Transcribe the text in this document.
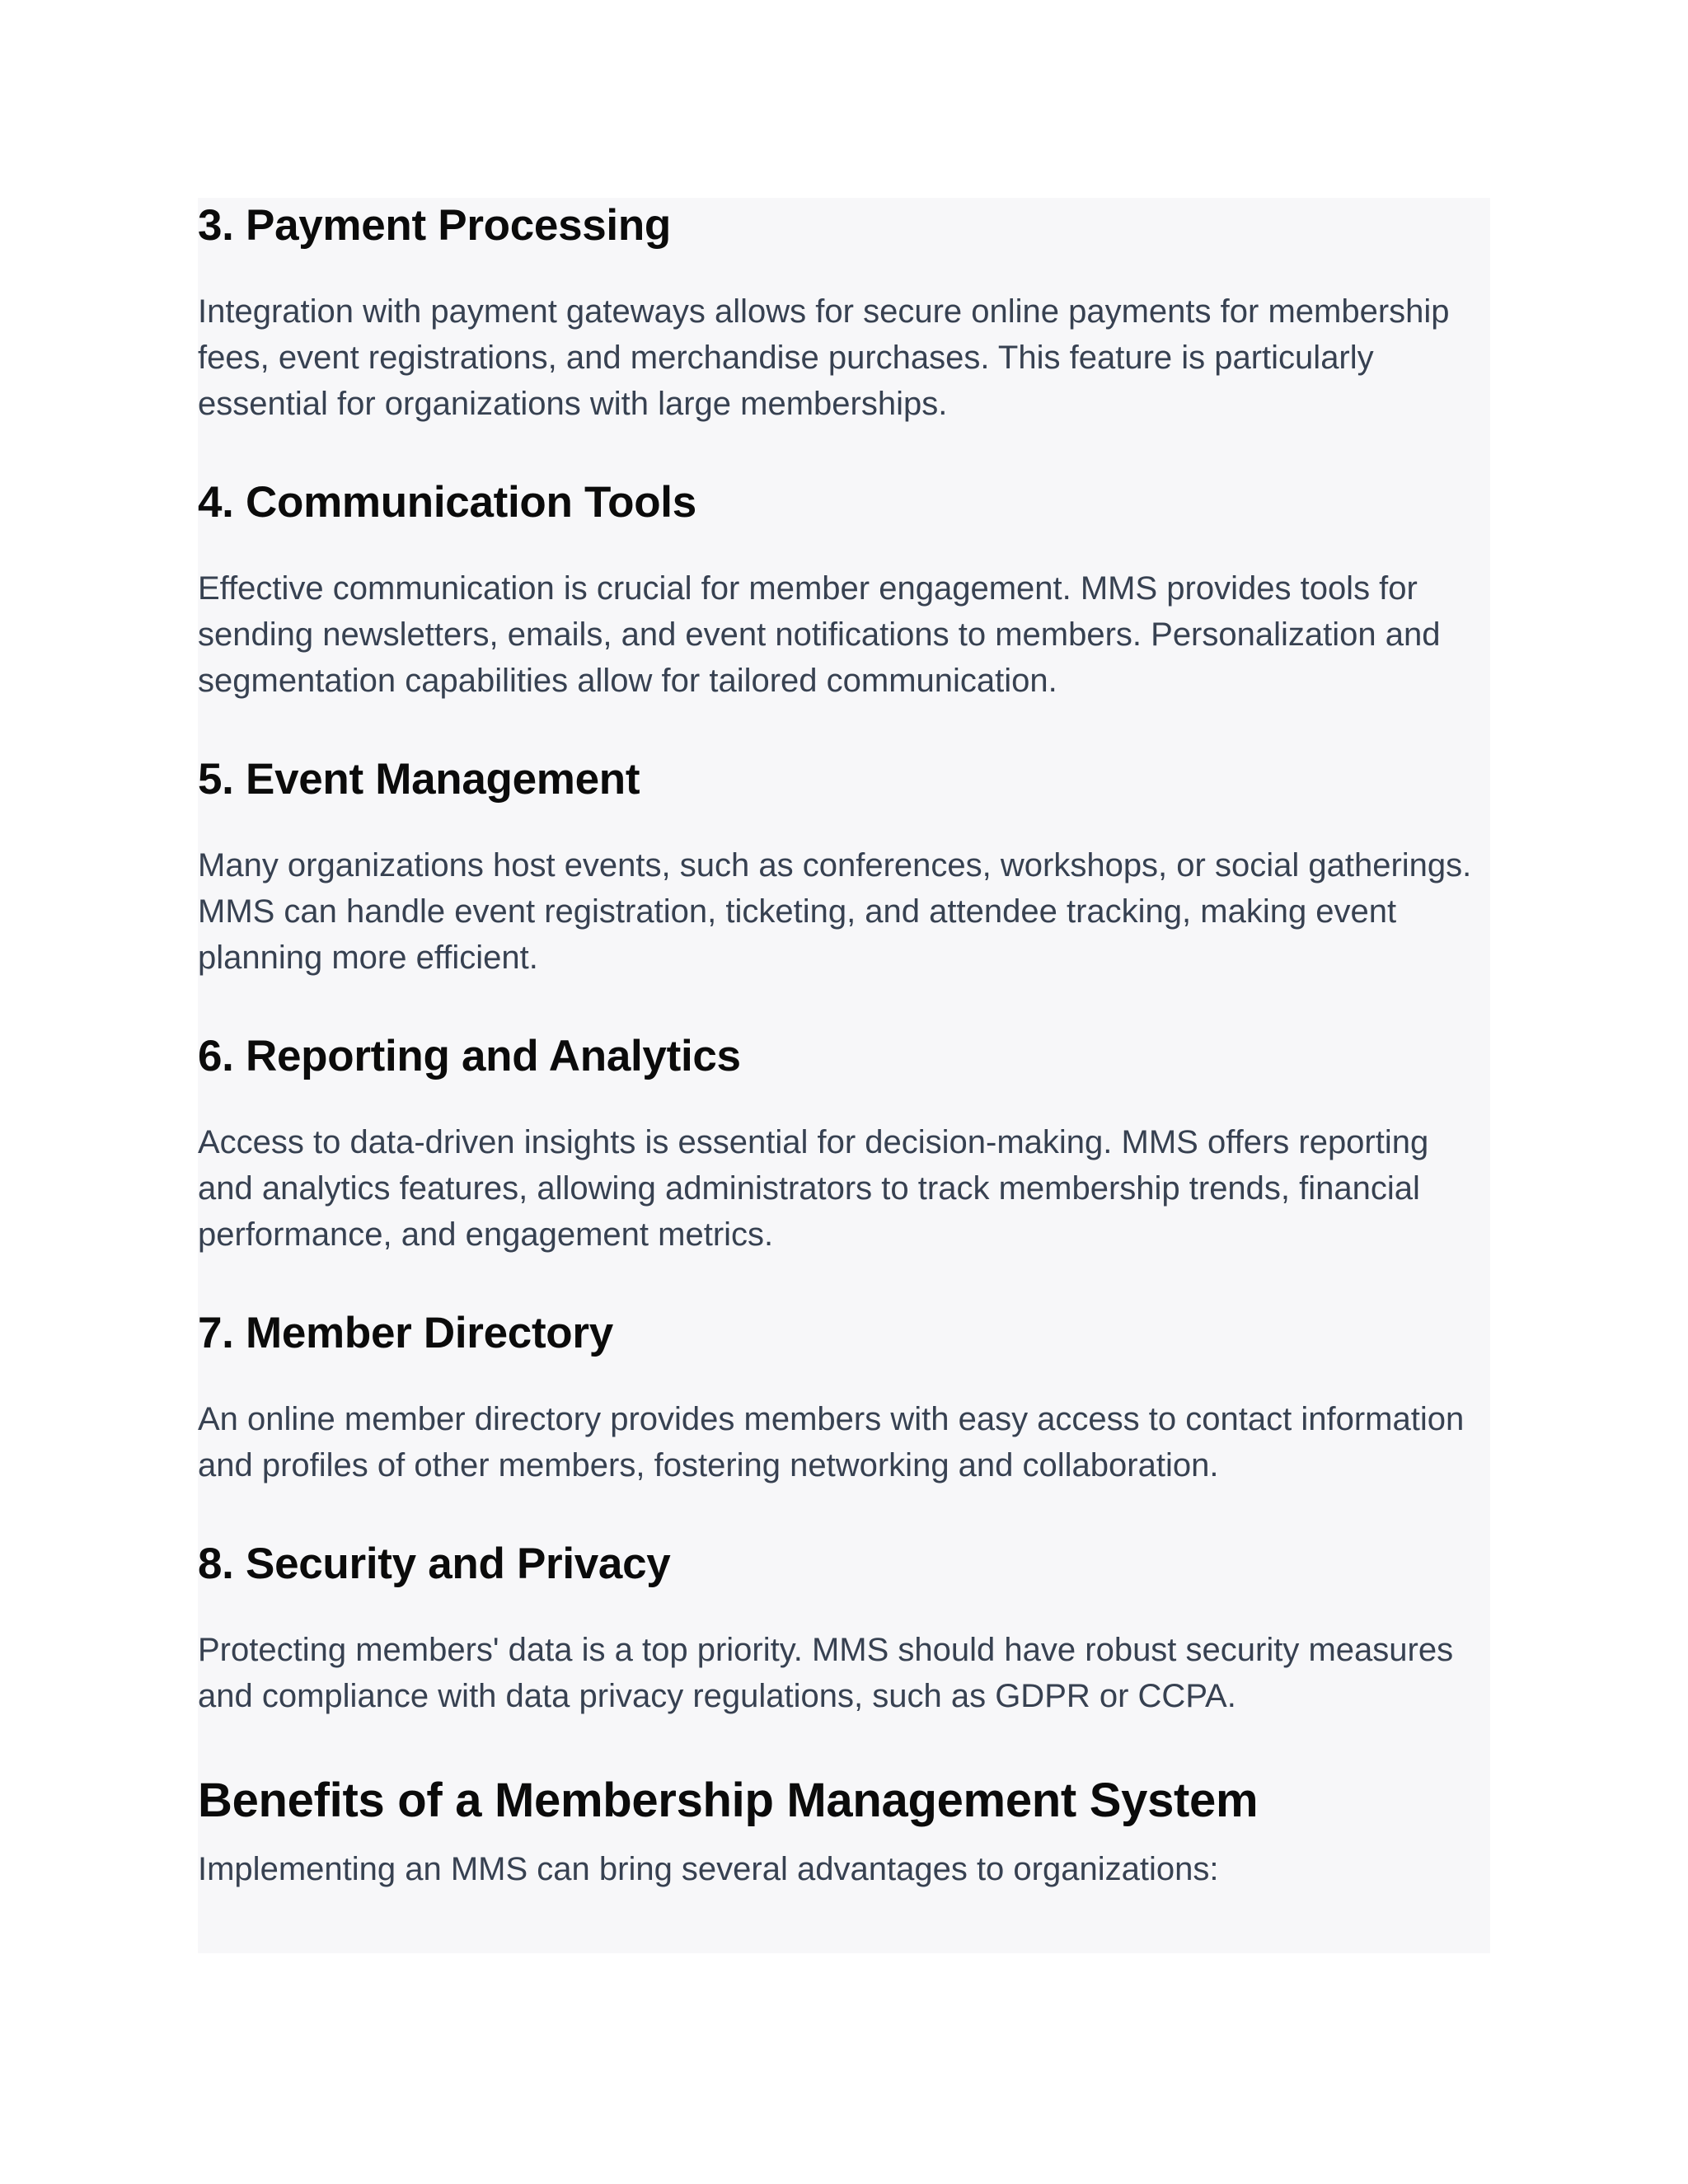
3. Payment Processing

Integration with payment gateways allows for secure online payments for membership
fees, event registrations, and merchandise purchases. This feature is particularly
essential for organizations with large memberships.

4. Communication Tools

Effective communication is crucial for member engagement. MMS provides tools for
sending newsletters, emails, and event notifications to members. Personalization and
segmentation capabilities allow for tailored communication.

5. Event Management

Many organizations host events, such as conferences, workshops, or social gatherings.
MMS can handle event registration, ticketing, and attendee tracking, making event
planning more efficient.

6. Reporting and Analytics

Access to data-driven insights is essential for decision-making. MMS offers reporting
and analytics features, allowing administrators to track membership trends, financial
performance, and engagement metrics.

7. Member Directory

An online member directory provides members with easy access to contact information
and profiles of other members, fostering networking and collaboration.

8. Security and Privacy

Protecting members' data is a top priority. MMS should have robust security measures
and compliance with data privacy regulations, such as GDPR or CCPA.

Benefits of a Membership Management System

Implementing an MMS can bring several advantages to organizations:
